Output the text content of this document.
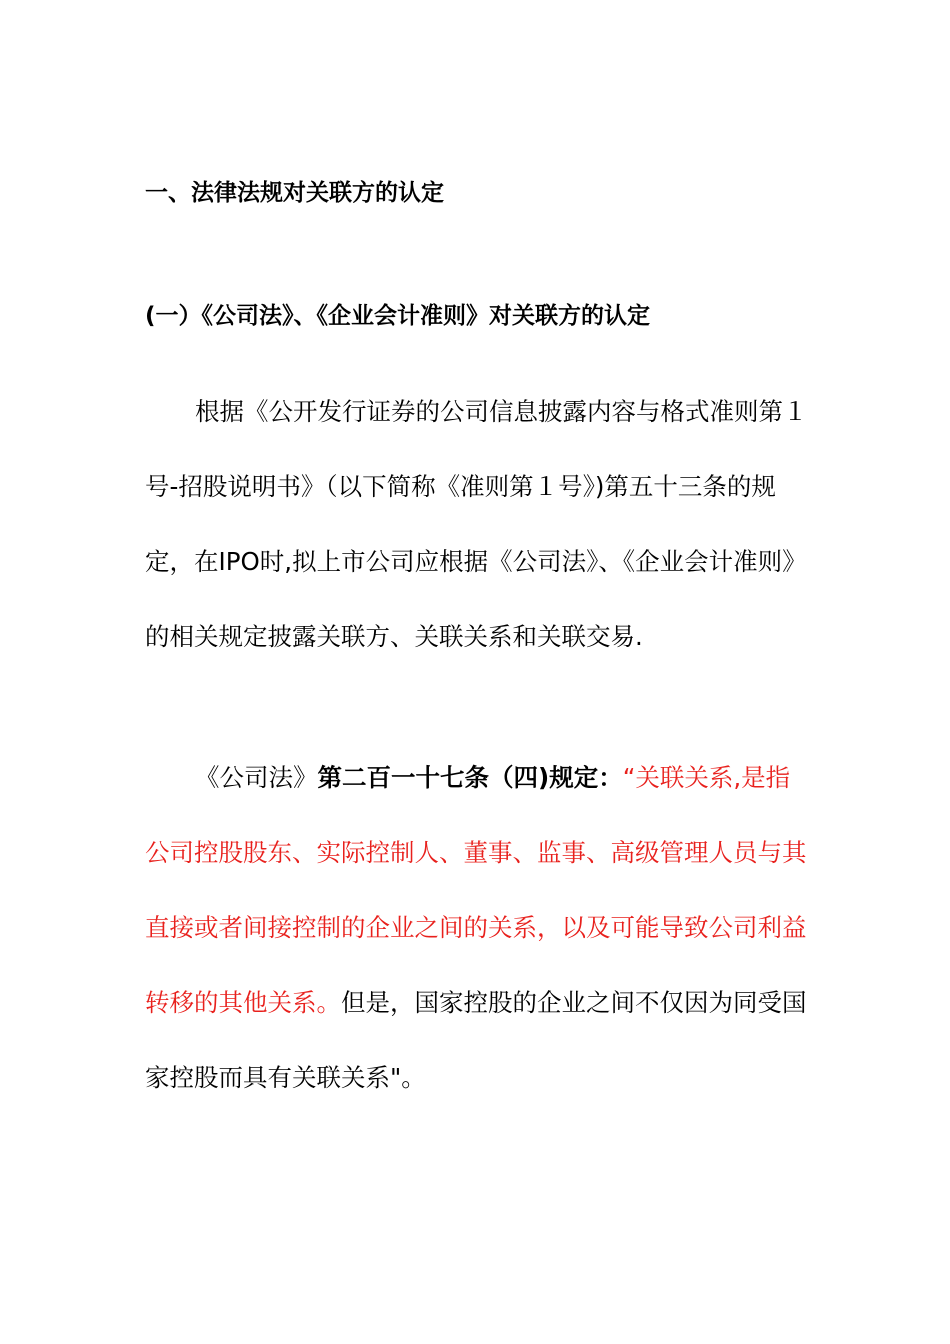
一、法律法规对关联方的认定
(一）《公司法》、《企业会计准则》对关联方的认定

根据《公开发行证券的公司信息披露内容与格式准则第１号-招股说明书》（以下简称《准则第１号》)第五十三条的规定，在IPO时,拟上市公司应根据《公司法》、《企业会计准则》的相关规定披露关联方、关联关系和关联交易.

《公司法》第二百一十七条（四)规定：“关联关系,是指公司控股股东、实际控制人、董事、监事、高级管理人员与其直接或者间接控制的企业之间的关系，以及可能导致公司利益转移的其他关系。但是，国家控股的企业之间不仅因为同受国家控股而具有关联关系"。
